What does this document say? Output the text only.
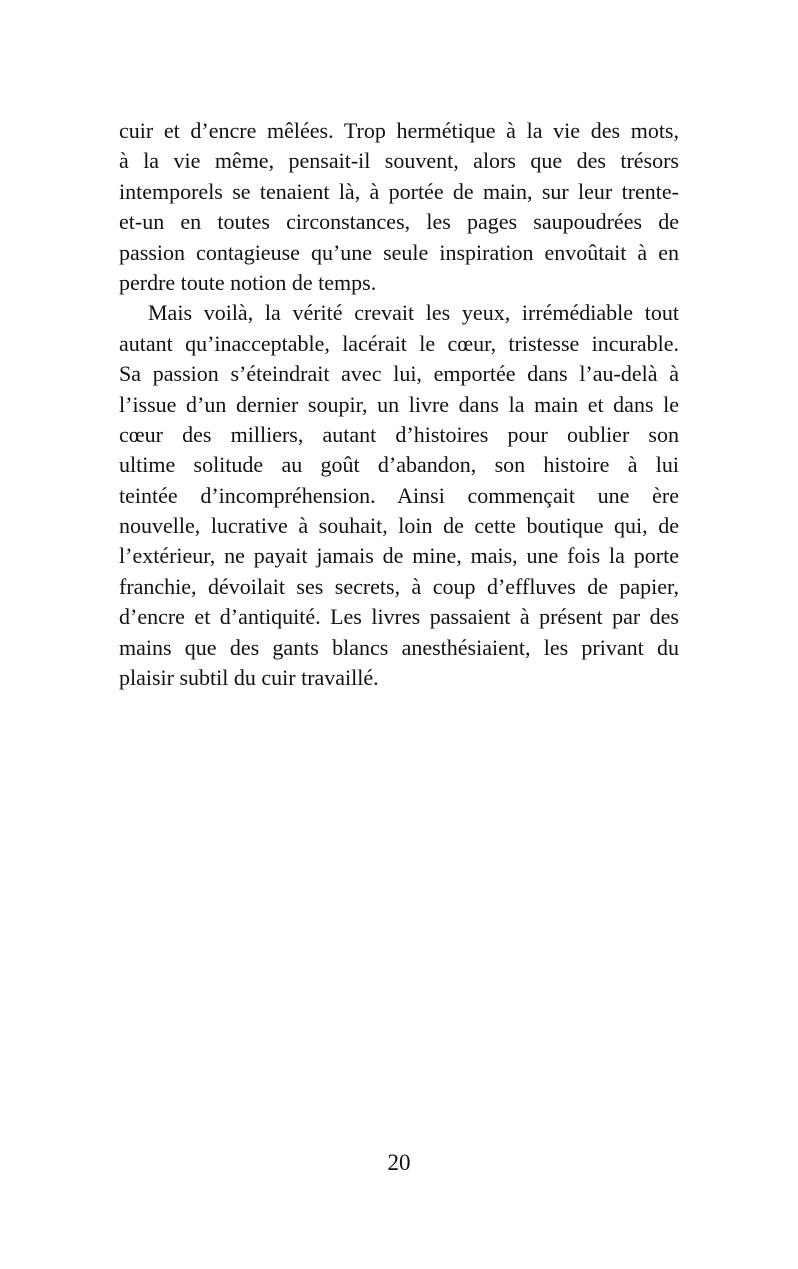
cuir et d’encre mêlées. Trop hermétique à la vie des mots,
à la vie même, pensait-il souvent, alors que des trésors
intemporels se tenaient là, à portée de main, sur leur trente-
et-un en toutes circonstances, les pages saupoudrées de
passion contagieuse qu’une seule inspiration envoûtait à en
perdre toute notion de temps.

Mais voilà, la vérité crevait les yeux, irrémédiable tout
autant qu’inacceptable, lacérait le cœur, tristesse incurable.
Sa passion s’éteindrait avec lui, emportée dans l’au-delà à
l’issue d’un dernier soupir, un livre dans la main et dans le
cœur des milliers, autant d’histoires pour oublier son
ultime solitude au goût d’abandon, son histoire à lui
teintée d’incompréhension. Ainsi commençait une ère
nouvelle, lucrative à souhait, loin de cette boutique qui, de
l’extérieur, ne payait jamais de mine, mais, une fois la porte
franchie, dévoilait ses secrets, à coup d’effluves de papier,
d’encre et d’antiquité. Les livres passaient à présent par des
mains que des gants blancs anesthésiaient, les privant du
plaisir subtil du cuir travaillé.

20
